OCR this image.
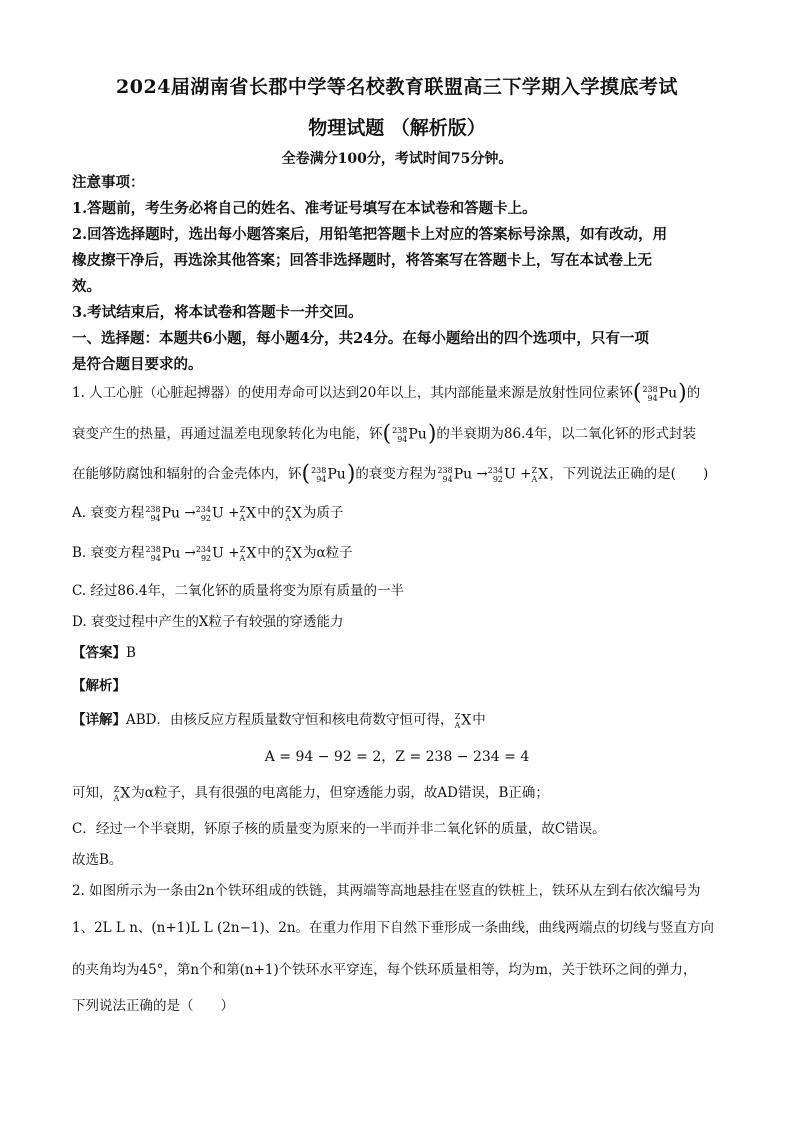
2024届湖南省长郡中学等名校教育联盟高三下学期入学摸底考试
物理试题 （解析版）
全卷满分100分，考试时间75分钟。
注意事项：
1.答题前，考生务必将自己的姓名、准考证号填写在本试卷和答题卡上。
2.回答选择题时，选出每小题答案后，用铅笔把答题卡上对应的答案标号涂黑，如有改动，用
橡皮擦干净后，再选涂其他答案；回答非选择题时，将答案写在答题卡上，写在本试卷上无
效。
3.考试结束后，将本试卷和答题卡一并交回。
一、选择题：本题共6小题，每小题4分，共24分。在每小题给出的四个选项中，只有一项
是符合题目要求的。
1. 人工心脏（心脏起搏器）的使用寿命可以达到20年以上，其内部能量来源是放射性同位素钚(238
94Pu)的
衰变产生的热量，再通过温差电现象转化为电能，钚(238
94Pu)的半衰期为86.4年，以二氧化钚的形式封装
在能够防腐蚀和辐射的合金壳体内，钚(238
94Pu)的衰变方程为238
94Pu →234
92U +Z
AX，下列说法正确的是(　　)
A. 衰变方程238
94Pu →234
92U +Z
AX中的Z
AX为质子
B. 衰变方程238
94Pu →234
92U +Z
AX中的Z
AX为α粒子
C. 经过86.4年，二氧化钚的质量将变为原有质量的一半
D. 衰变过程中产生的X粒子有较强的穿透能力
【答案】B
【解析】
【详解】ABD．由核反应方程质量数守恒和核电荷数守恒可得，Z
AX中
A = 94 − 92 = 2，Z = 238 − 234 = 4
可知，Z
AX为α粒子，具有很强的电离能力，但穿透能力弱，故AD错误，B正确；
C．经过一个半衰期，钚原子核的质量变为原来的一半而并非二氧化钚的质量，故C错误。
故选B。
2. 如图所示为一条由2n个铁环组成的铁链，其两端等高地悬挂在竖直的铁桩上，铁环从左到右依次编号为
1、2L L n、(n+1)L L (2n−1)、2n。在重力作用下自然下垂形成一条曲线，曲线两端点的切线与竖直方向
的夹角均为45°，第n个和第(n+1)个铁环水平穿连，每个铁环质量相等，均为m，关于铁环之间的弹力，
下列说法正确的是（　　）
